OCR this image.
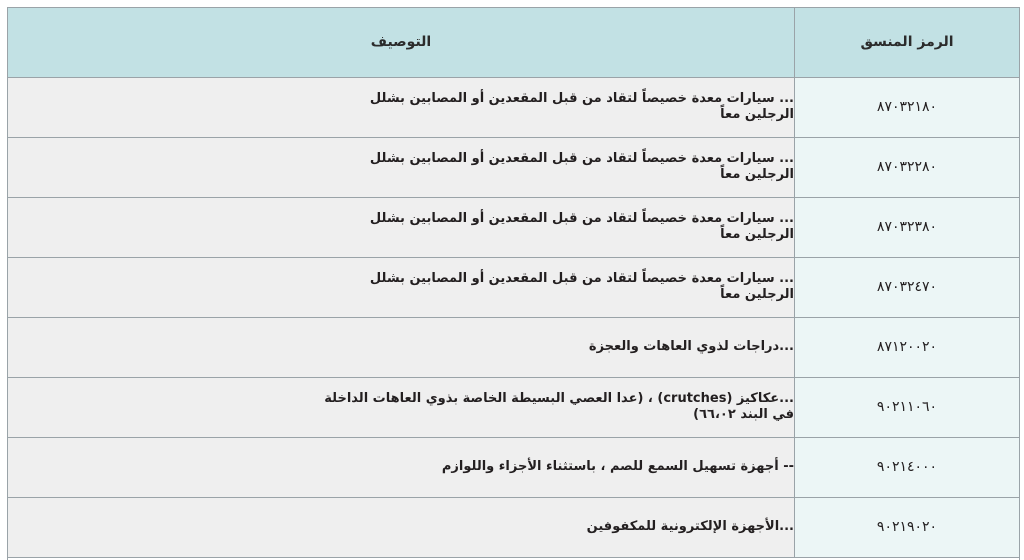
الرمز المنسق	التوصيف
٨٧٠٣٢١٨٠	... سيارات معدة خصيصاً لتقاد من قبل المقعدين أو المصابين بشلل الرجلين معاً
٨٧٠٣٢٢٨٠	... سيارات معدة خصيصاً لتقاد من قبل المقعدين أو المصابين بشلل الرجلين معاً
٨٧٠٣٢٣٨٠	... سيارات معدة خصيصاً لتقاد من قبل المقعدين أو المصابين بشلل الرجلين معاً
٨٧٠٣٢٤٧٠	... سيارات معدة خصيصاً لتقاد من قبل المقعدين أو المصابين بشلل الرجلين معاً
٨٧١٢٠٠٢٠	...دراجات لذوي العاهات والعجزة
٩٠٢١١٠٦٠	...عكاكيز (crutches) ، (عدا العصي البسيطة الخاصة بذوي العاهات الداخلة في البند ٦٦،٠٢)
٩٠٢١٤٠٠٠	-- أجهزة تسهيل السمع للصم ، باستثناء الأجزاء واللوازم
٩٠٢١٩٠٢٠	...الأجهزة الإلكترونية للمكفوفين
